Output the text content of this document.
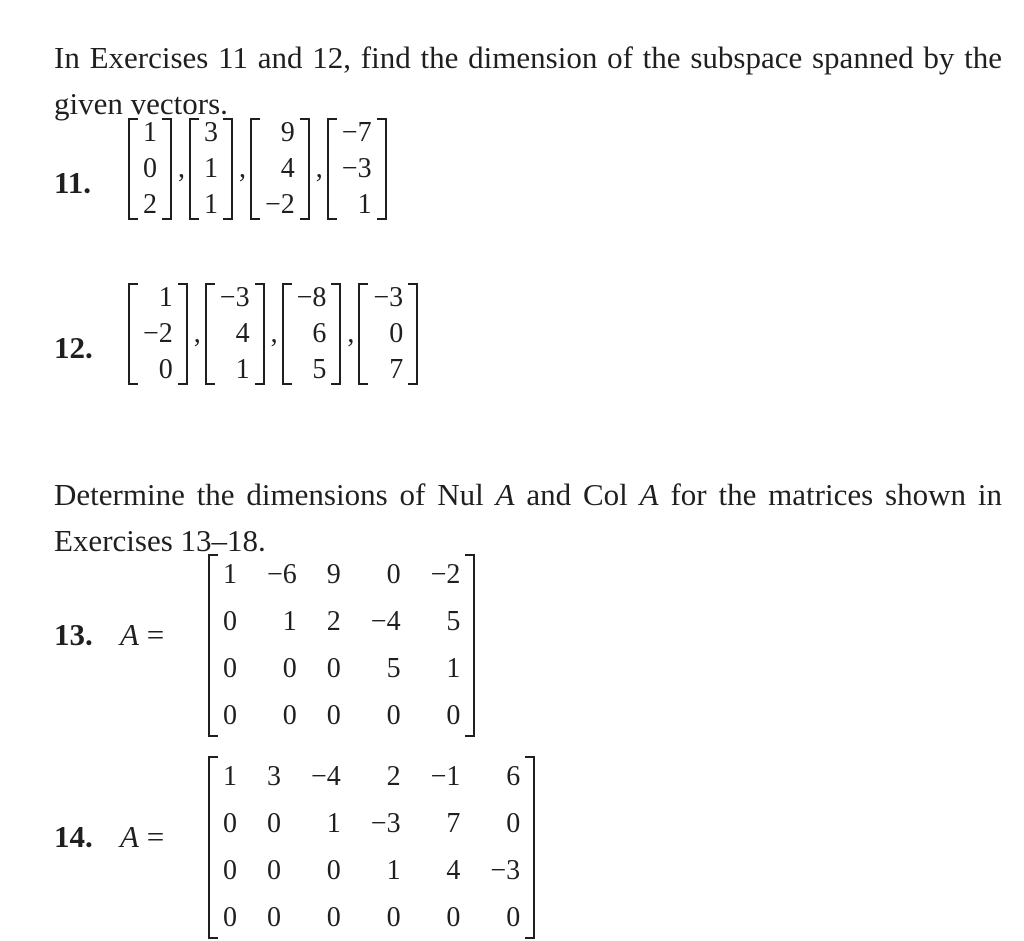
In Exercises 11 and 12, find the dimension of the subspace spanned by the given vectors.

11.
1
0
2
,
3
1
1
,
9
4
−2
,
−7
−3
1
12.
1
−2
0
,
−3
4
1
,
−8
6
5
,
−3
0
7

Determine the dimensions of Nul A and Col A for the matrices shown in Exercises 13–18.

13. A =
1 −6 9	0 −2
0	1 2 −4	5
0	0 0	5	1
0	0 0	0	0
14. A =
1 3 −4	2 −1	6
0 0	1 −3	7	0
0 0	0	1	4 −3
0 0	0	0	0	0
